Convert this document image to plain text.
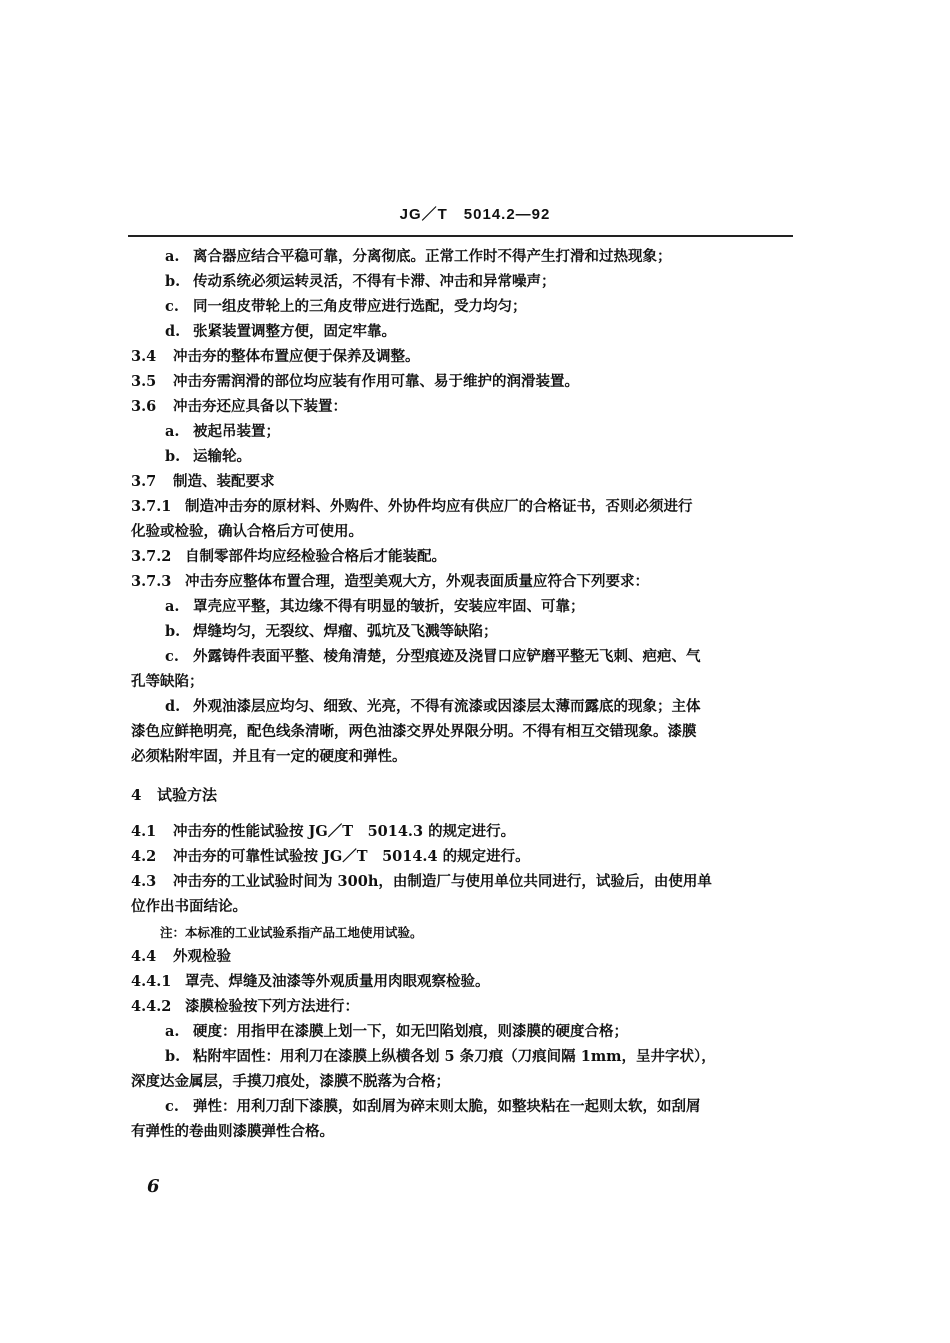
JG／T　5014.2—92
a. 离合器应结合平稳可靠，分离彻底。正常工作时不得产生打滑和过热现象；
b. 传动系统必须运转灵活，不得有卡滞、冲击和异常噪声；
c. 同一组皮带轮上的三角皮带应进行选配，受力均匀；
d. 张紧装置调整方便，固定牢靠。
3.4 冲击夯的整体布置应便于保养及调整。
3.5 冲击夯需润滑的部位均应装有作用可靠、易于维护的润滑装置。
3.6 冲击夯还应具备以下装置：
a. 被起吊装置；
b. 运输轮。
3.7 制造、装配要求
3.7.1 制造冲击夯的原材料、外购件、外协件均应有供应厂的合格证书，否则必须进行
化验或检验，确认合格后方可使用。
3.7.2 自制零部件均应经检验合格后才能装配。
3.7.3 冲击夯应整体布置合理，造型美观大方，外观表面质量应符合下列要求：
a. 罩壳应平整，其边缘不得有明显的皱折，安装应牢固、可靠；
b. 焊缝均匀，无裂纹、焊瘤、弧坑及飞溅等缺陷；
c. 外露铸件表面平整、棱角清楚，分型痕迹及浇冒口应铲磨平整无飞刺、疤疤、气
孔等缺陷；
d. 外观油漆层应均匀、细致、光亮，不得有流漆或因漆层太薄而露底的现象；主体
漆色应鲜艳明亮，配色线条清晰，两色油漆交界处界限分明。不得有相互交错现象。漆膜
必须粘附牢固，并且有一定的硬度和弹性。
4 试验方法
4.1 冲击夯的性能试验按 JG／T　5014.3 的规定进行。
4.2 冲击夯的可靠性试验按 JG／T　5014.4 的规定进行。
4.3 冲击夯的工业试验时间为 300h，由制造厂与使用单位共同进行，试验后，由使用单
位作出书面结论。
注：本标准的工业试验系指产品工地使用试验。
4.4 外观检验
4.4.1 罩壳、焊缝及油漆等外观质量用肉眼观察检验。
4.4.2 漆膜检验按下列方法进行：
a. 硬度：用指甲在漆膜上划一下，如无凹陷划痕，则漆膜的硬度合格；
b. 粘附牢固性：用利刀在漆膜上纵横各划 5 条刀痕（刀痕间隔 1mm，呈井字状），
深度达金属层，手摸刀痕处，漆膜不脱落为合格；
c. 弹性：用利刀刮下漆膜，如刮屑为碎末则太脆，如整块粘在一起则太软，如刮屑
有弹性的卷曲则漆膜弹性合格。
6
